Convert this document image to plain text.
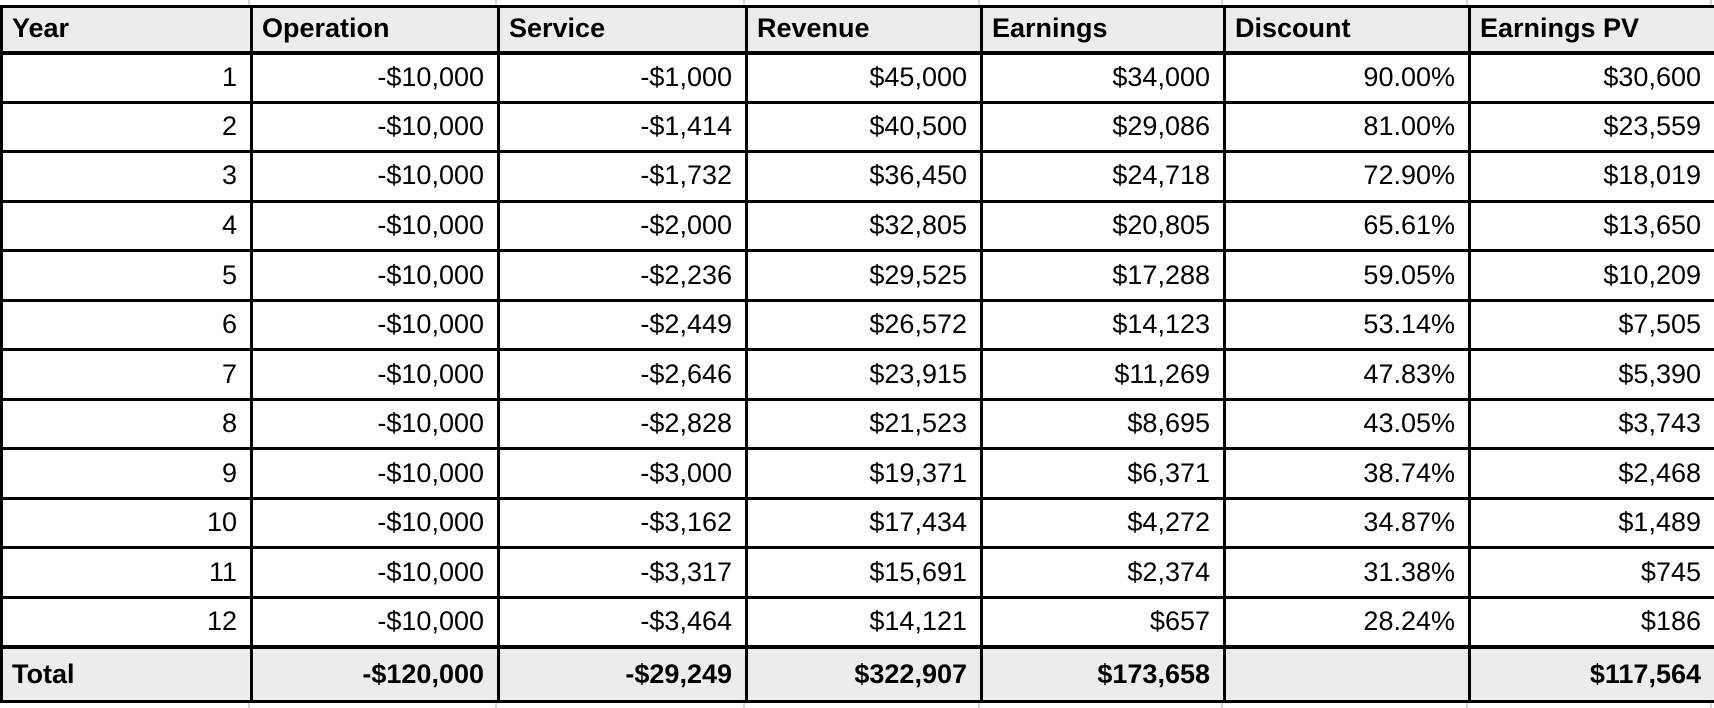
Year	Operation	Service	Revenue	Earnings	Discount	Earnings PV
1	-$10,000	-$1,000	$45,000	$34,000	90.00%	$30,600
2	-$10,000	-$1,414	$40,500	$29,086	81.00%	$23,559
3	-$10,000	-$1,732	$36,450	$24,718	72.90%	$18,019
4	-$10,000	-$2,000	$32,805	$20,805	65.61%	$13,650
5	-$10,000	-$2,236	$29,525	$17,288	59.05%	$10,209
6	-$10,000	-$2,449	$26,572	$14,123	53.14%	$7,505
7	-$10,000	-$2,646	$23,915	$11,269	47.83%	$5,390
8	-$10,000	-$2,828	$21,523	$8,695	43.05%	$3,743
9	-$10,000	-$3,000	$19,371	$6,371	38.74%	$2,468
10	-$10,000	-$3,162	$17,434	$4,272	34.87%	$1,489
11	-$10,000	-$3,317	$15,691	$2,374	31.38%	$745
12	-$10,000	-$3,464	$14,121	$657	28.24%	$186
Total	-$120,000	-$29,249	$322,907	$173,658		$117,564
